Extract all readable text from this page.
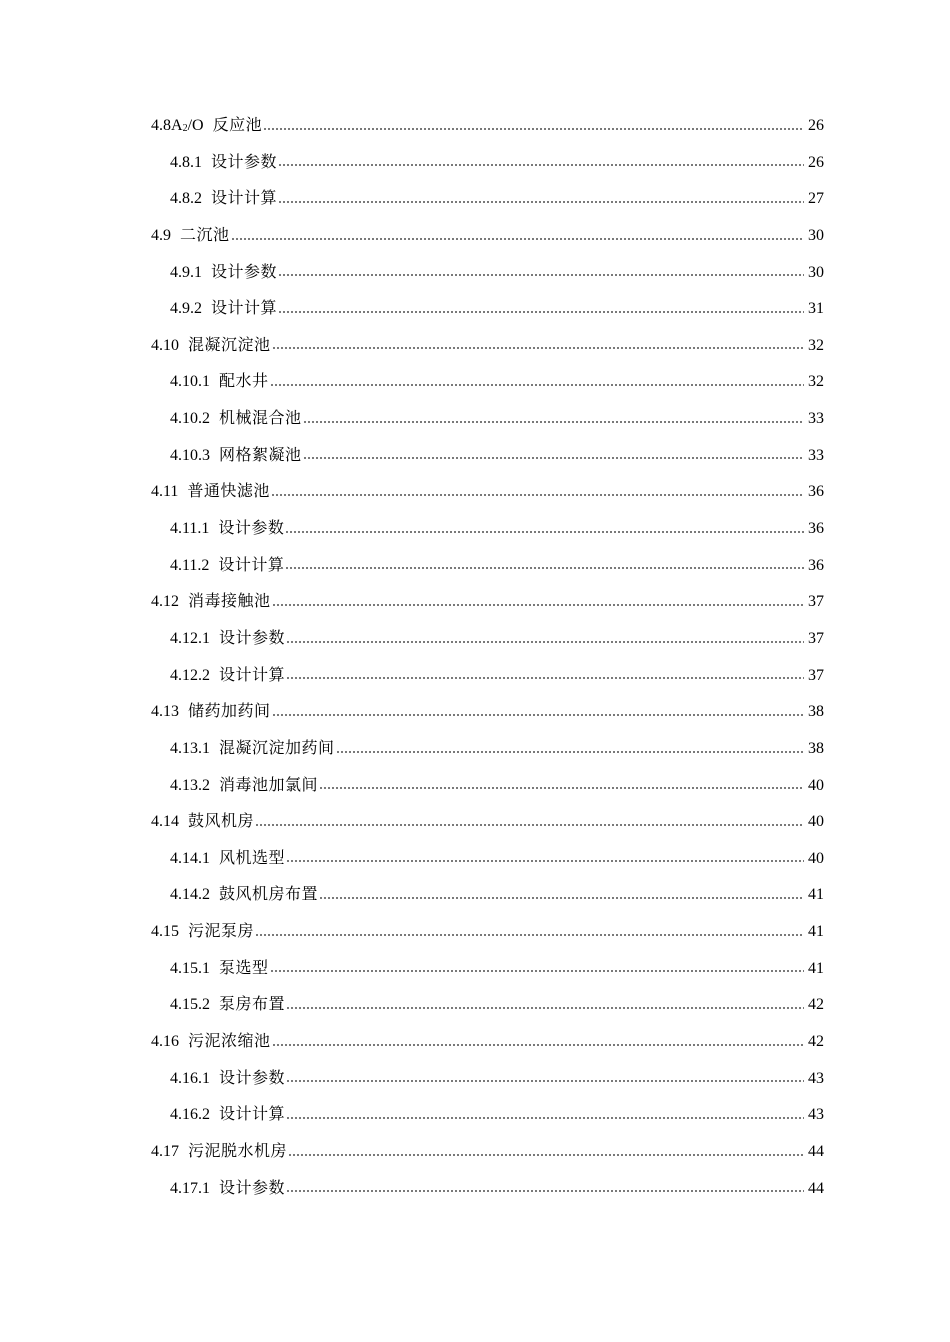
$4.8A_2/O$ 反应池	26
4.8.1 设计参数	26
4.8.2 设计计算	27
4.9 二沉池	30
4.9.1 设计参数	30
4.9.2 设计计算	31
4.10 混凝沉淀池	32
4.10.1 配水井	32
4.10.2 机械混合池	33
4.10.3 网格絮凝池	33
4.11 普通快滤池	36
4.11.1 设计参数	36
4.11.2 设计计算	36
4.12 消毒接触池	37
4.12.1 设计参数	37
4.12.2 设计计算	37
4.13 储药加药间	38
4.13.1 混凝沉淀加药间	38
4.13.2 消毒池加氯间	40
4.14 鼓风机房	40
4.14.1 风机选型	40
4.14.2 鼓风机房布置	41
4.15 污泥泵房	41
4.15.1 泵选型	41
4.15.2 泵房布置	42
4.16 污泥浓缩池	42
4.16.1 设计参数	43
4.16.2 设计计算	43
4.17 污泥脱水机房	44
4.17.1 设计参数	44
